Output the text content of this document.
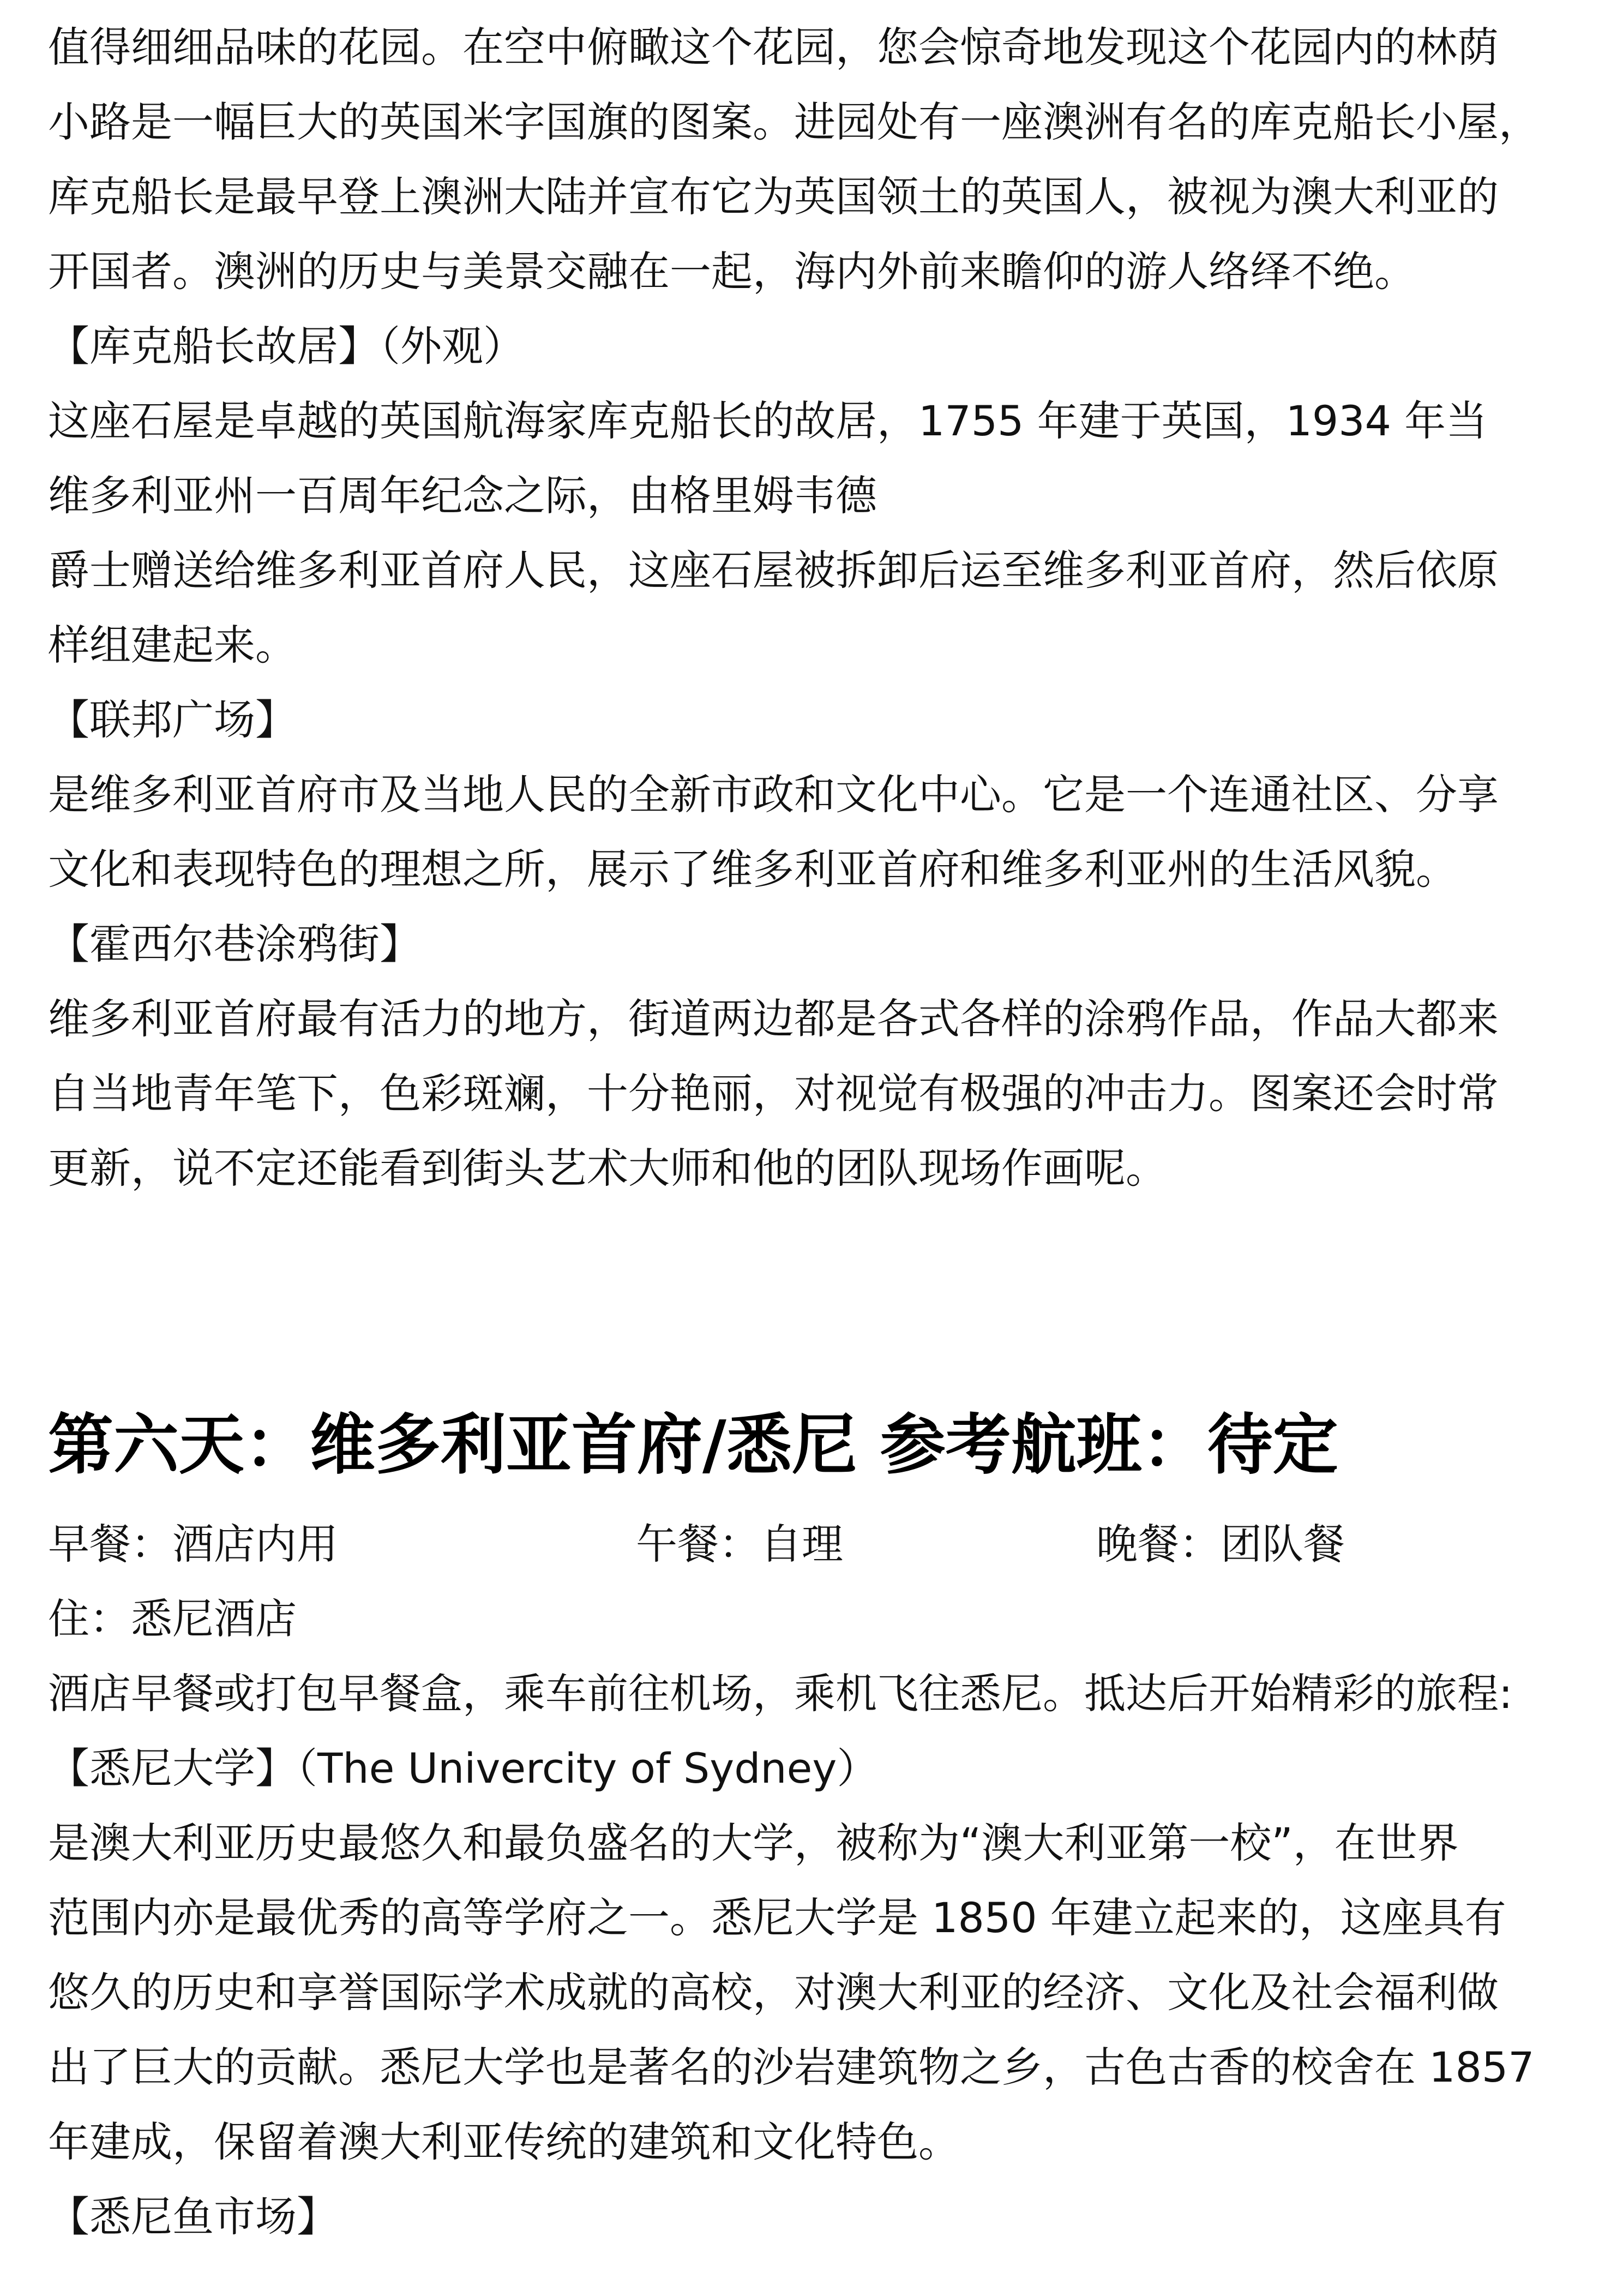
值得细细品味的花园。在空中俯瞰这个花园，您会惊奇地发现这个花园内的林荫

小路是一幅巨大的英国米字国旗的图案。进园处有一座澳洲有名的库克船长小屋，

库克船长是最早登上澳洲大陆并宣布它为英国领土的英国人，被视为澳大利亚的

开国者。澳洲的历史与美景交融在一起，海内外前来瞻仰的游人络绎不绝。

【库克船长故居】（外观）

这座石屋是卓越的英国航海家库克船长的故居，1755 年建于英国，1934 年当

维多利亚州一百周年纪念之际，由格里姆韦德

爵士赠送给维多利亚首府人民，这座石屋被拆卸后运至维多利亚首府，然后依原

样组建起来。

【联邦广场】

是维多利亚首府市及当地人民的全新市政和文化中心。它是一个连通社区、分享

文化和表现特色的理想之所，展示了维多利亚首府和维多利亚州的生活风貌。

【霍西尔巷涂鸦街】

维多利亚首府最有活力的地方，街道两边都是各式各样的涂鸦作品，作品大都来

自当地青年笔下，色彩斑斓，十分艳丽，对视觉有极强的冲击力。图案还会时常

更新，说不定还能看到街头艺术大师和他的团队现场作画呢。

第六天：维多利亚首府/悉尼 参考航班：待定
早餐：酒店内用	午餐：自理	晚餐：团队餐

住：悉尼酒店

酒店早餐或打包早餐盒，乘车前往机场，乘机飞往悉尼。抵达后开始精彩的旅程:

【悉尼大学】（The Univercity of Sydney）

是澳大利亚历史最悠久和最负盛名的大学，被称为“澳大利亚第一校”，在世界

范围内亦是最优秀的高等学府之一。悉尼大学是 1850 年建立起来的，这座具有

悠久的历史和享誉国际学术成就的高校，对澳大利亚的经济、文化及社会福利做

出了巨大的贡献。悉尼大学也是著名的沙岩建筑物之乡，古色古香的校舍在 1857

年建成，保留着澳大利亚传统的建筑和文化特色。

【悉尼鱼市场】
